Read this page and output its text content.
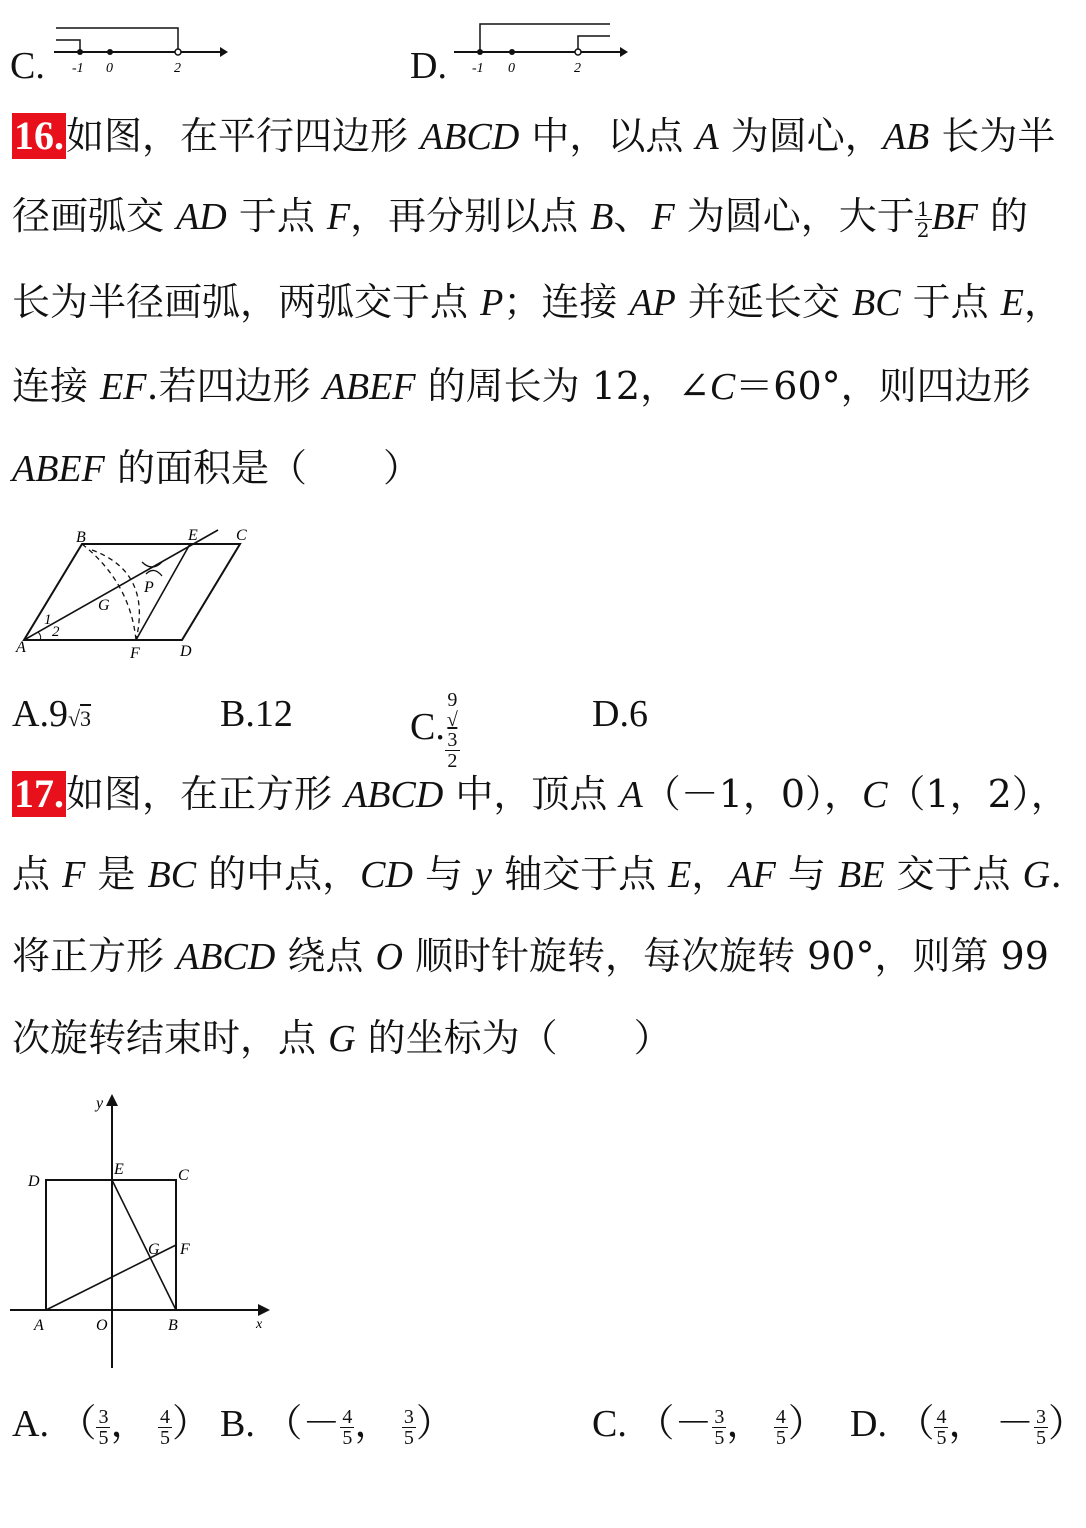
C. -1 0	2	D. -1 0	2
16.如图，在平行四边形 ABCD 中，以点 A 为圆心，AB 长为半
径画弧交 AD 于点 F，再分别以点 B、F 为圆心，大于 $\frac{1}{2}$ BF 的
长为半径画弧，两弧交于点 P；连接 AP 并延长交 BC 于点 E，
连接 EF.若四边形 ABEF 的周长为 12，∠C＝60°，则四边形
ABEF 的面积是（　　）
B	E C
P
G
1
2
A	F	D
A.9√3	B.12	C. 9
√
3
2	D.6
17.如图，在正方形 ABCD 中，顶点 A（－1，0），C（1，2），
点 F 是 BC 的中点，CD 与 y 轴交于点 E，AF 与 BE 交于点 G.
将正方形 ABCD 绕点 O 顺时针旋转，每次旋转 90°，则第 99
次旋转结束时，点 G 的坐标为（　　）
y
D
E	C
G F
A	O	B	x
A. （ $\frac{3}{5}$ ， $\frac{4}{5}$ ） B. （－ $\frac{4}{5}$ ， $\frac{3}{5}$ ）	C. （－ $\frac{3}{5}$ ， $\frac{4}{5}$ ） D. （ $\frac{4}{5}$ ， － $\frac{3}{5}$ ）
